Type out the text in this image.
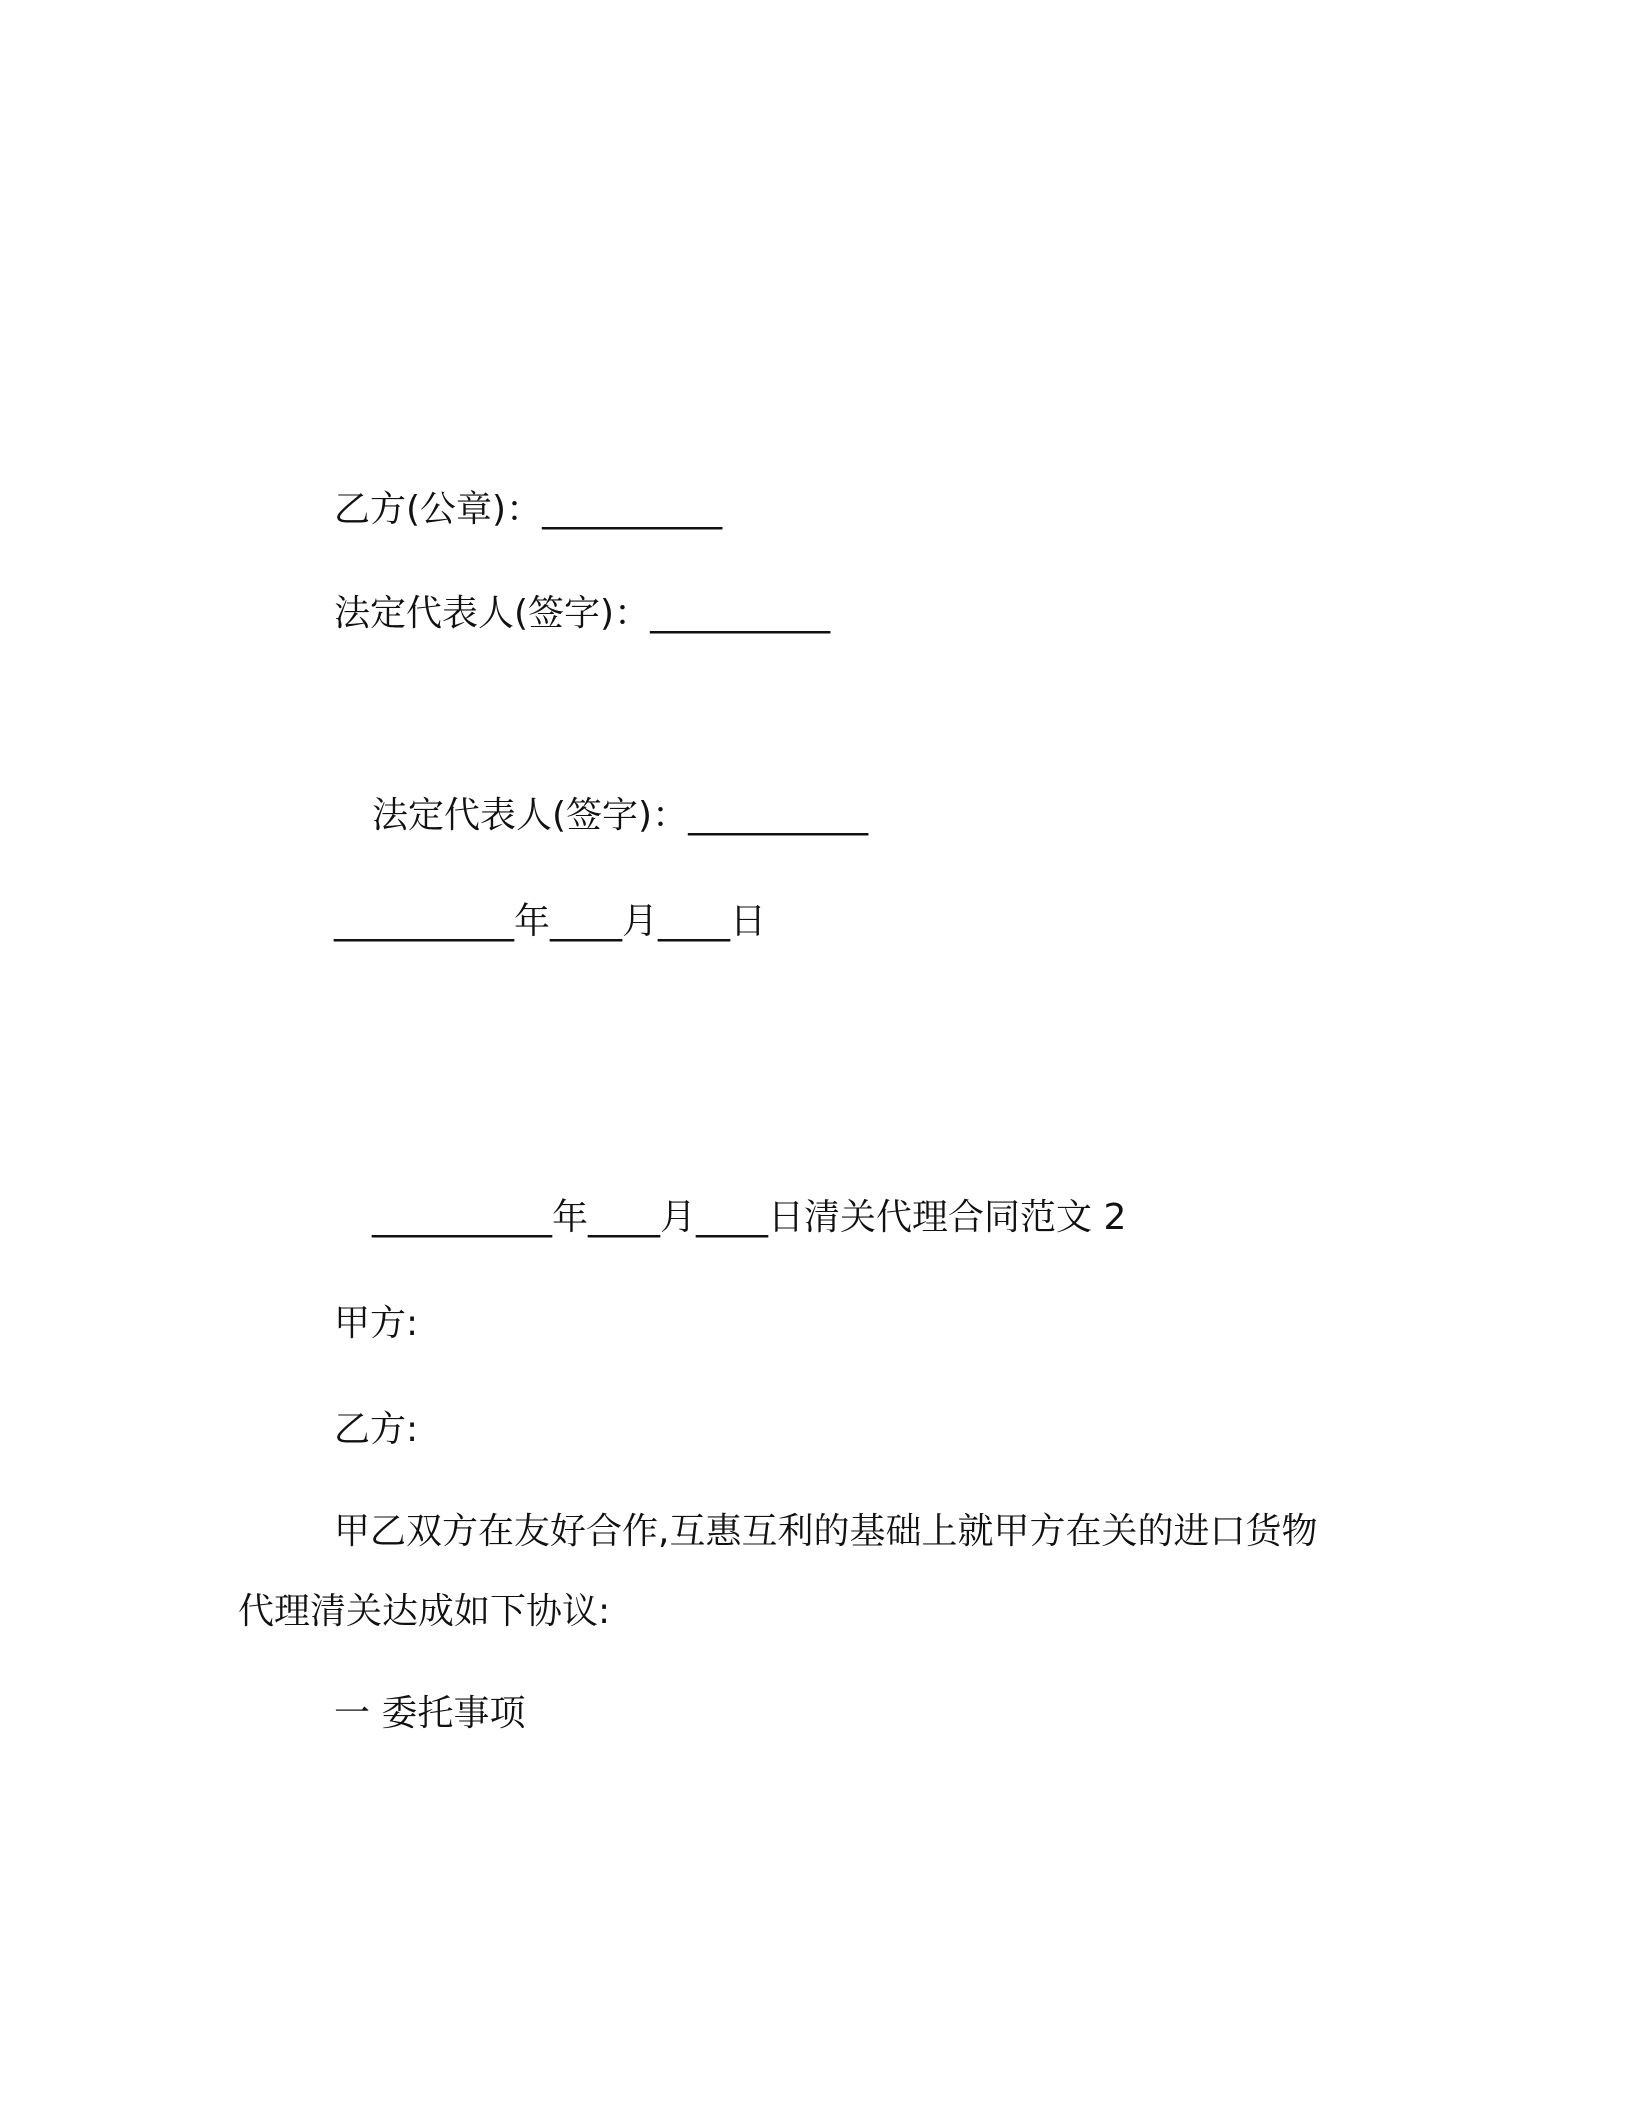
乙方(公章)：__________

法定代表人(签字)：__________

法定代表人(签字)：__________

__________年____月____日

__________年____月____日清关代理合同范文 2

甲方:

乙方:

甲乙双方在友好合作,互惠互利的基础上就甲方在关的进口货物

代理清关达成如下协议:

一 委托事项
